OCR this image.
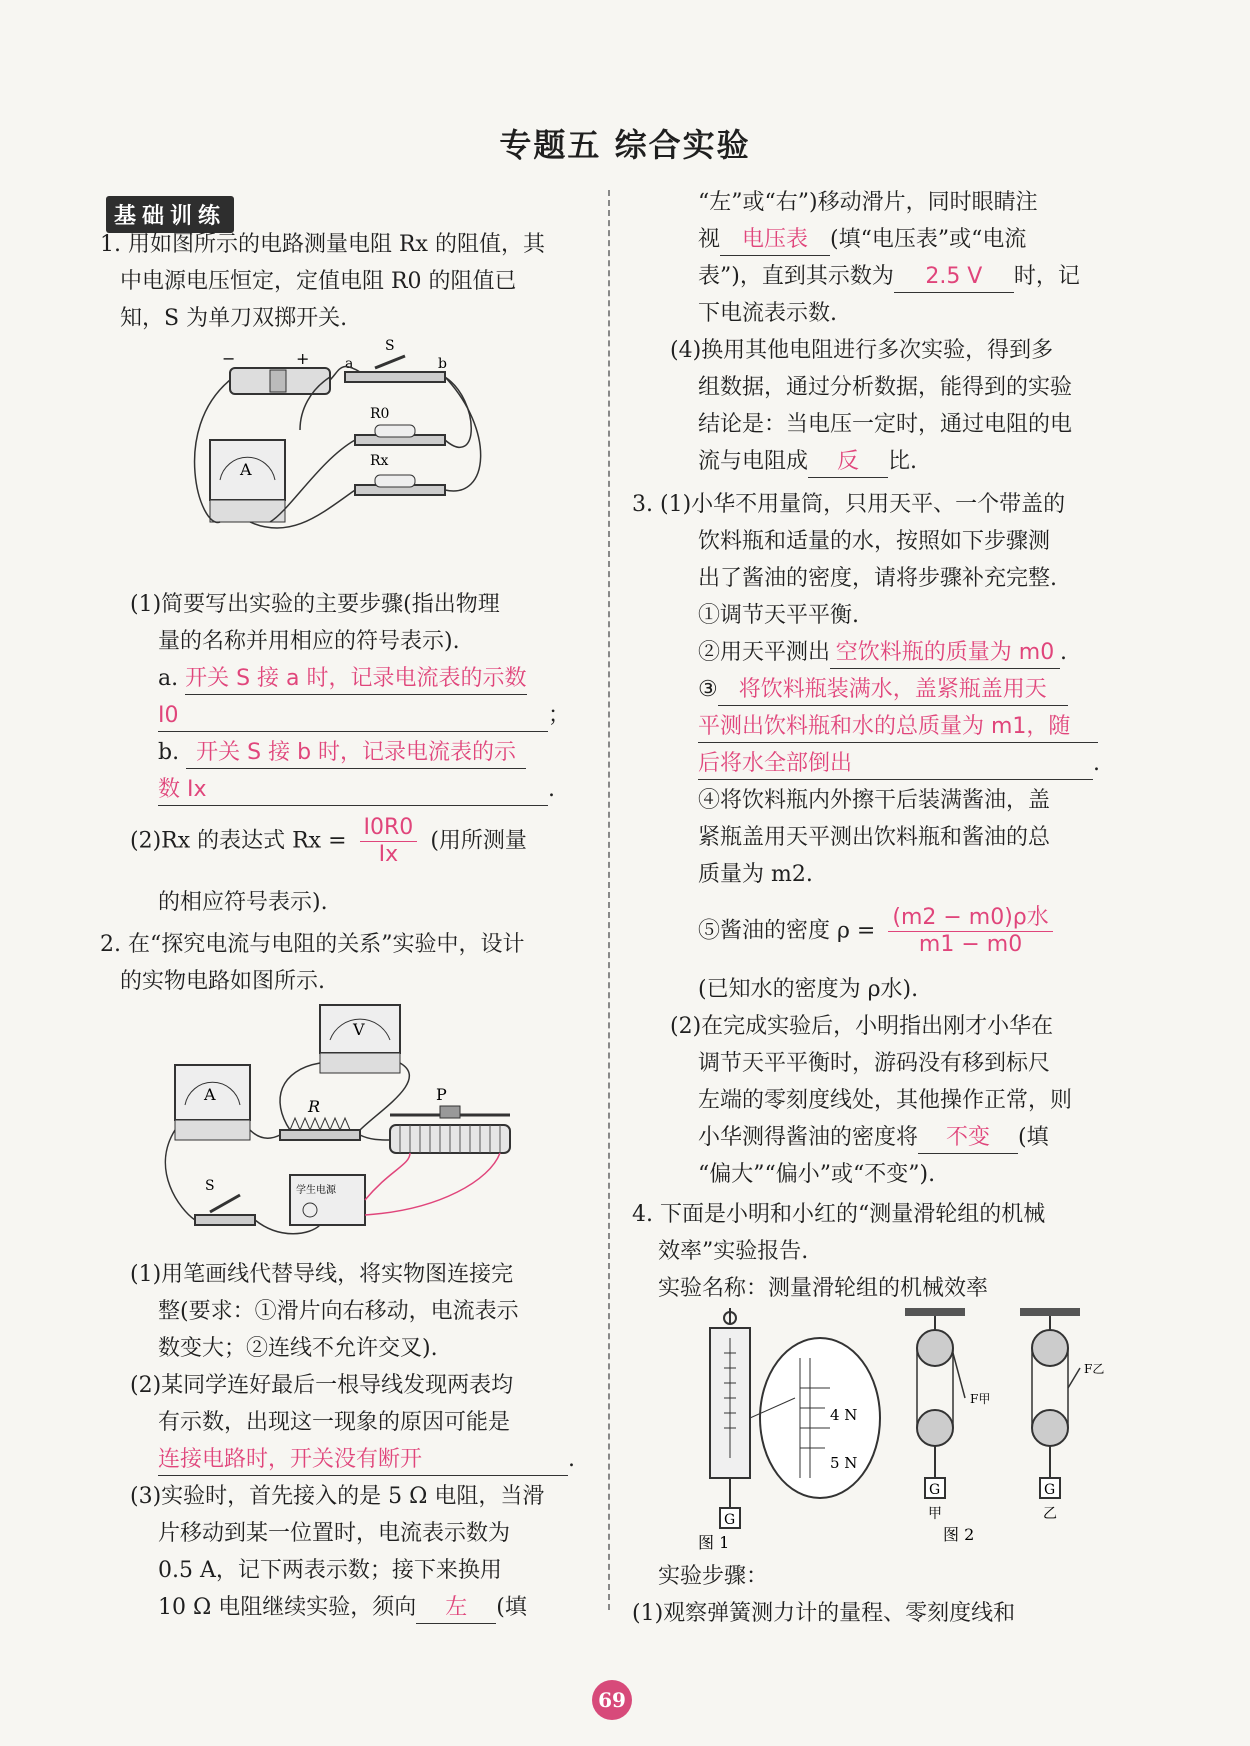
专题五 综合实验
基础训练
1. 用如图所示的电路测量电阻 Rx 的阻值，其
中电源电压恒定，定值电阻 R0 的阻值已
知，S 为单刀双掷开关.
−	+
S
a	b
R0
Rx
A
(1)简要写出实验的主要步骤(指出物理
量的名称并用相应的符号表示).
a. 开关 S 接 a 时，记录电流表的示数
I0	；
b. 开关 S 接 b 时，记录电流表的示
数 Ix	.
(2)Rx 的表达式 $Rx = \frac{I0R0}{Ix}$ (用所测量
的相应符号表示).
2. 在“探究电流与电阻的关系”实验中，设计
的实物电路如图所示.
V
A
R
P
学生电源
S
(1)用笔画线代替导线，将实物图连接完
整(要求：①滑片向右移动，电流表示
数变大；②连线不允许交叉).
(2)某同学连好最后一根导线发现两表均
有示数，出现这一现象的原因可能是
连接电路时，开关没有断开	.
(3)实验时，首先接入的是 5 Ω 电阻，当滑
片移动到某一位置时，电流表示数为
0.5 A，记下两表示数；接下来换用
10 Ω 电阻继续实验，须向 左 (填
“左”或“右”)移动滑片，同时眼睛注
视 电压表 (填“电压表”或“电流
表”)，直到其示数为 2.5 V 时，记
下电流表示数.
(4)换用其他电阻进行多次实验，得到多
组数据，通过分析数据，能得到的实验
结论是：当电压一定时，通过电阻的电
流与电阻成 反 比.
3. (1)小华不用量筒，只用天平、一个带盖的
饮料瓶和适量的水，按照如下步骤测
出了酱油的密度，请将步骤补充完整.
①调节天平平衡.
②用天平测出 空饮料瓶的质量为 m0 .
③ 将饮料瓶装满水，盖紧瓶盖用天
平测出饮料瓶和水的总质量为 m1，随
后将水全部倒出	.
④将饮料瓶内外擦干后装满酱油，盖
紧瓶盖用天平测出饮料瓶和酱油的总
质量为 m2.
⑤酱油的密度 $\rho = \frac{\text{(m2 − m0)ρ水}}{m1 - m0}$
(已知水的密度为 ρ水).
(2)在完成实验后，小明指出刚才小华在
调节天平平衡时，游码没有移到标尺
左端的零刻度线处，其他操作正常，则
小华测得酱油的密度将 不变 (填
“偏大”“偏小”或“不变”).
4. 下面是小明和小红的“测量滑轮组的机械
效率”实验报告.
实验名称：测量滑轮组的机械效率
G
4 N
5 N
图 1
F甲
G
甲
F乙
G
乙
图 2
实验步骤：
(1)观察弹簧测力计的量程、零刻度线和
69
